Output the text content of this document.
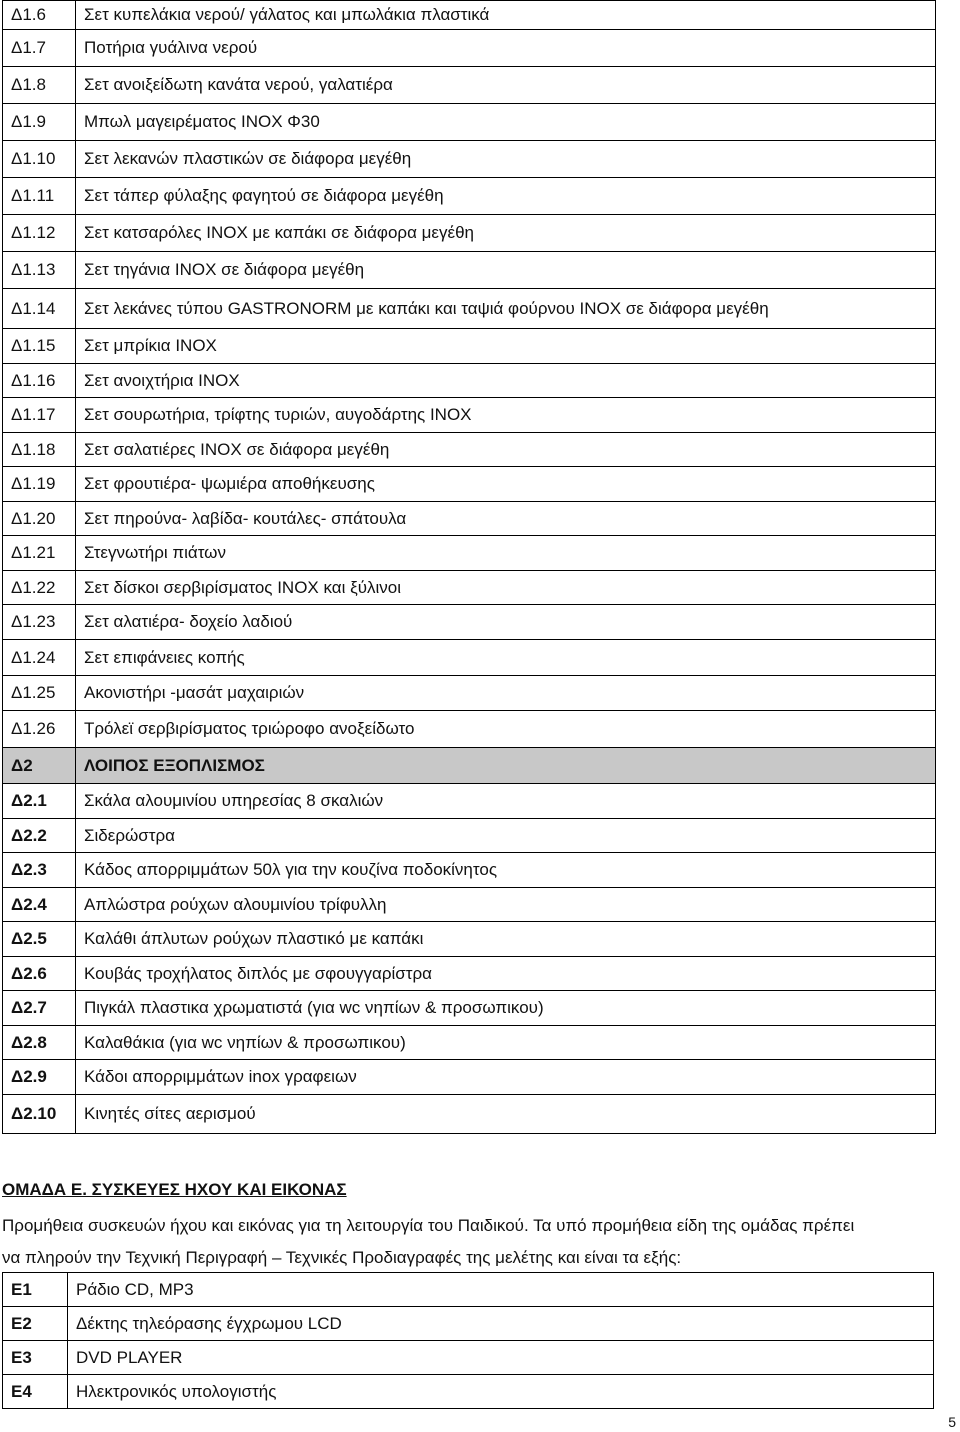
Δ1.6	Σετ κυπελάκια νερού/ γάλατος και μπωλάκια πλαστικά
Δ1.7	Ποτήρια γυάλινα νερού
Δ1.8	Σετ ανοιξείδωτη κανάτα νερού, γαλατιέρα
Δ1.9	Μπωλ μαγειρέματος ΙΝΟΧ Φ30
Δ1.10	Σετ λεκανών πλαστικών σε διάφορα μεγέθη
Δ1.11	Σετ τάπερ φύλαξης φαγητού σε διάφορα μεγέθη
Δ1.12	Σετ κατσαρόλες ΙΝΟΧ με καπάκι σε διάφορα μεγέθη
Δ1.13	Σετ τηγάνια ΙΝΟΧ σε διάφορα μεγέθη
Δ1.14	Σετ λεκάνες τύπου GASTRONORM με καπάκι και ταψιά φούρνου ΙΝΟΧ σε διάφορα μεγέθη
Δ1.15	Σετ μπρίκια ΙΝΟΧ
Δ1.16	Σετ ανοιχτήρια ΙΝΟΧ
Δ1.17	Σετ σουρωτήρια, τρίφτης τυριών, αυγοδάρτης ΙΝΟΧ
Δ1.18	Σετ σαλατιέρες ΙΝΟΧ σε διάφορα μεγέθη
Δ1.19	Σετ φρουτιέρα- ψωμιέρα αποθήκευσης
Δ1.20	Σετ πηρούνα- λαβίδα- κουτάλες- σπάτουλα
Δ1.21	Στεγνωτήρι πιάτων
Δ1.22	Σετ δίσκοι σερβιρίσματος ΙΝΟΧ και ξύλινοι
Δ1.23	Σετ αλατιέρα- δοχείο λαδιού
Δ1.24	Σετ επιφάνειες κοπής
Δ1.25	Ακονιστήρι -μασάτ μαχαιριών
Δ1.26	Τρόλεϊ σερβιρίσματος τριώροφο ανοξείδωτο
Δ2	ΛΟΙΠΟΣ ΕΞΟΠΛΙΣΜΟΣ
Δ2.1	Σκάλα αλουμινίου υπηρεσίας 8 σκαλιών
Δ2.2	Σιδερώστρα
Δ2.3	Κάδος απορριμμάτων 50λ για την κουζίνα ποδοκίνητος
Δ2.4	Απλώστρα ρούχων αλουμινίου τρίφυλλη
Δ2.5	Καλάθι άπλυτων ρούχων πλαστικό με καπάκι
Δ2.6	Κουβάς τροχήλατος διπλός με σφουγγαρίστρα
Δ2.7	Πιγκάλ πλαστικα χρωματιστά (για wc νηπίων & προσωπικου)
Δ2.8	Καλαθάκια (για wc νηπίων & προσωπικου)
Δ2.9	Κάδοι απορριμμάτων inox γραφειων
Δ2.10	Κινητές σίτες αερισμού

ΟΜΑΔΑ Ε. ΣΥΣΚΕΥΕΣ ΗΧΟΥ ΚΑΙ ΕΙΚΟΝΑΣ

Προμήθεια συσκευών ήχου και εικόνας για τη λειτουργία του Παιδικού. Τα υπό προμήθεια είδη της ομάδας πρέπει
να πληρούν την Τεχνική Περιγραφή – Τεχνικές Προδιαγραφές της μελέτης και είναι τα εξής:
Ε1	Ράδιο CD, MP3
Ε2	Δέκτης τηλεόρασης έγχρωμου LCD
Ε3	DVD PLAYER
Ε4	Ηλεκτρονικός υπολογιστής

5
